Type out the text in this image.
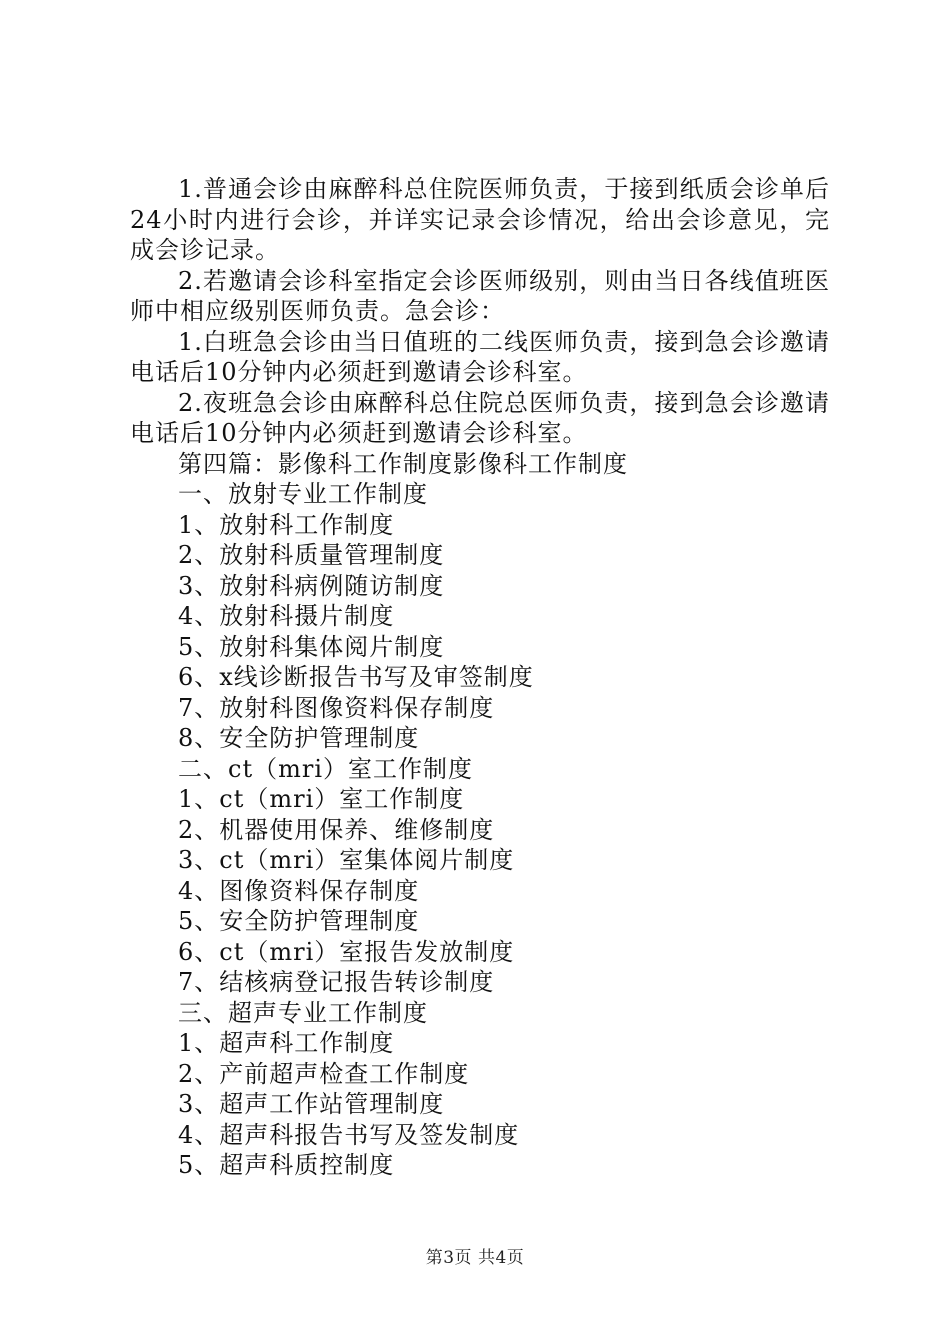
1.普通会诊由麻醉科总住院医师负责，于接到纸质会诊单后24小时内进行会诊，并详实记录会诊情况，给出会诊意见，完成会诊记录。

2.若邀请会诊科室指定会诊医师级别，则由当日各线值班医师中相应级别医师负责。急会诊：

1.白班急会诊由当日值班的二线医师负责，接到急会诊邀请电话后10分钟内必须赶到邀请会诊科室。

2.夜班急会诊由麻醉科总住院总医师负责，接到急会诊邀请电话后10分钟内必须赶到邀请会诊科室。

第四篇：影像科工作制度影像科工作制度

一、放射专业工作制度

1、放射科工作制度

2、放射科质量管理制度

3、放射科病例随访制度

4、放射科摄片制度

5、放射科集体阅片制度

6、x线诊断报告书写及审签制度

7、放射科图像资料保存制度

8、安全防护管理制度

二、ct（mri）室工作制度

1、ct（mri）室工作制度

2、机器使用保养、维修制度

3、ct（mri）室集体阅片制度

4、图像资料保存制度

5、安全防护管理制度

6、ct（mri）室报告发放制度

7、结核病登记报告转诊制度

三、超声专业工作制度

1、超声科工作制度

2、产前超声检查工作制度

3、超声工作站管理制度

4、超声科报告书写及签发制度

5、超声科质控制度

第3页 共4页
